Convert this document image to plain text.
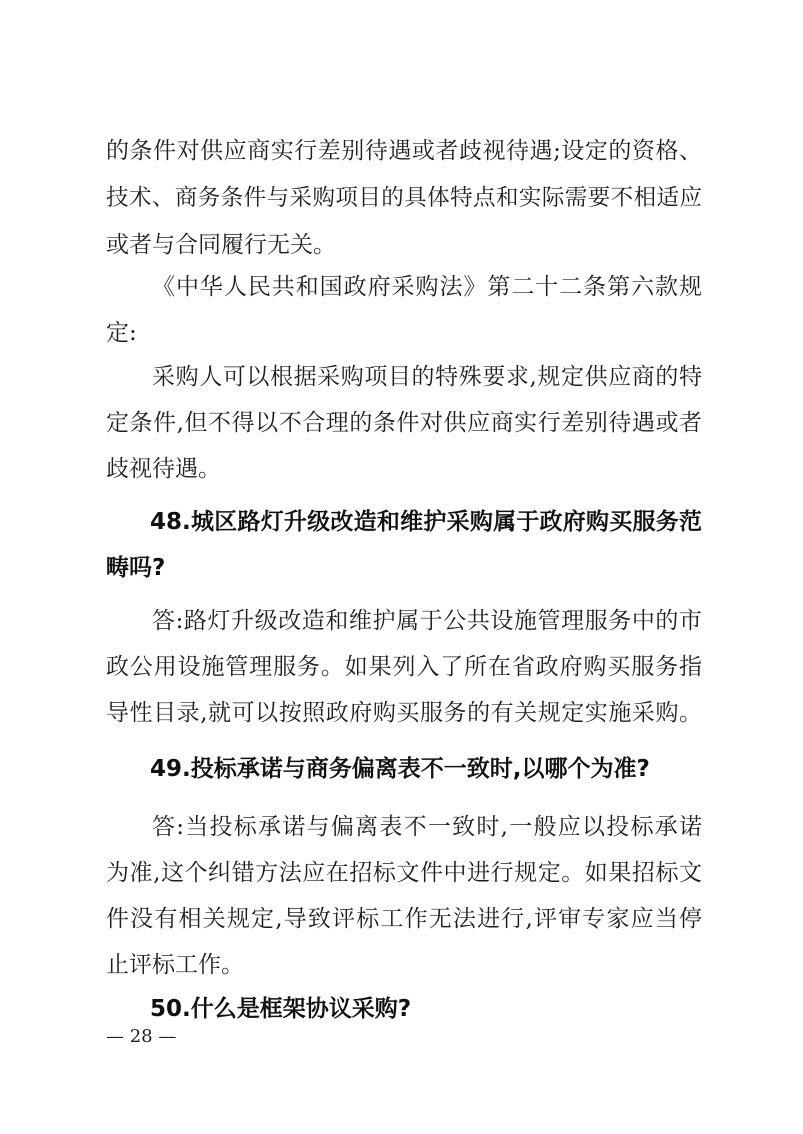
的条件对供应商实行差别待遇或者歧视待遇;设定的资格、

技术、商务条件与采购项目的具体特点和实际需要不相适应

或者与合同履行无关。

《中华人民共和国政府采购法》第二十二条第六款规

定:

采购人可以根据采购项目的特殊要求,规定供应商的特

定条件,但不得以不合理的条件对供应商实行差别待遇或者

歧视待遇。

48.城区路灯升级改造和维护采购属于政府购买服务范

畴吗?

答:路灯升级改造和维护属于公共设施管理服务中的市

政公用设施管理服务。如果列入了所在省政府购买服务指

导性目录,就可以按照政府购买服务的有关规定实施采购。

49.投标承诺与商务偏离表不一致时,以哪个为准?

答:当投标承诺与偏离表不一致时,一般应以投标承诺

为准,这个纠错方法应在招标文件中进行规定。如果招标文

件没有相关规定,导致评标工作无法进行,评审专家应当停

止评标工作。

50.什么是框架协议采购?

— 28 —
